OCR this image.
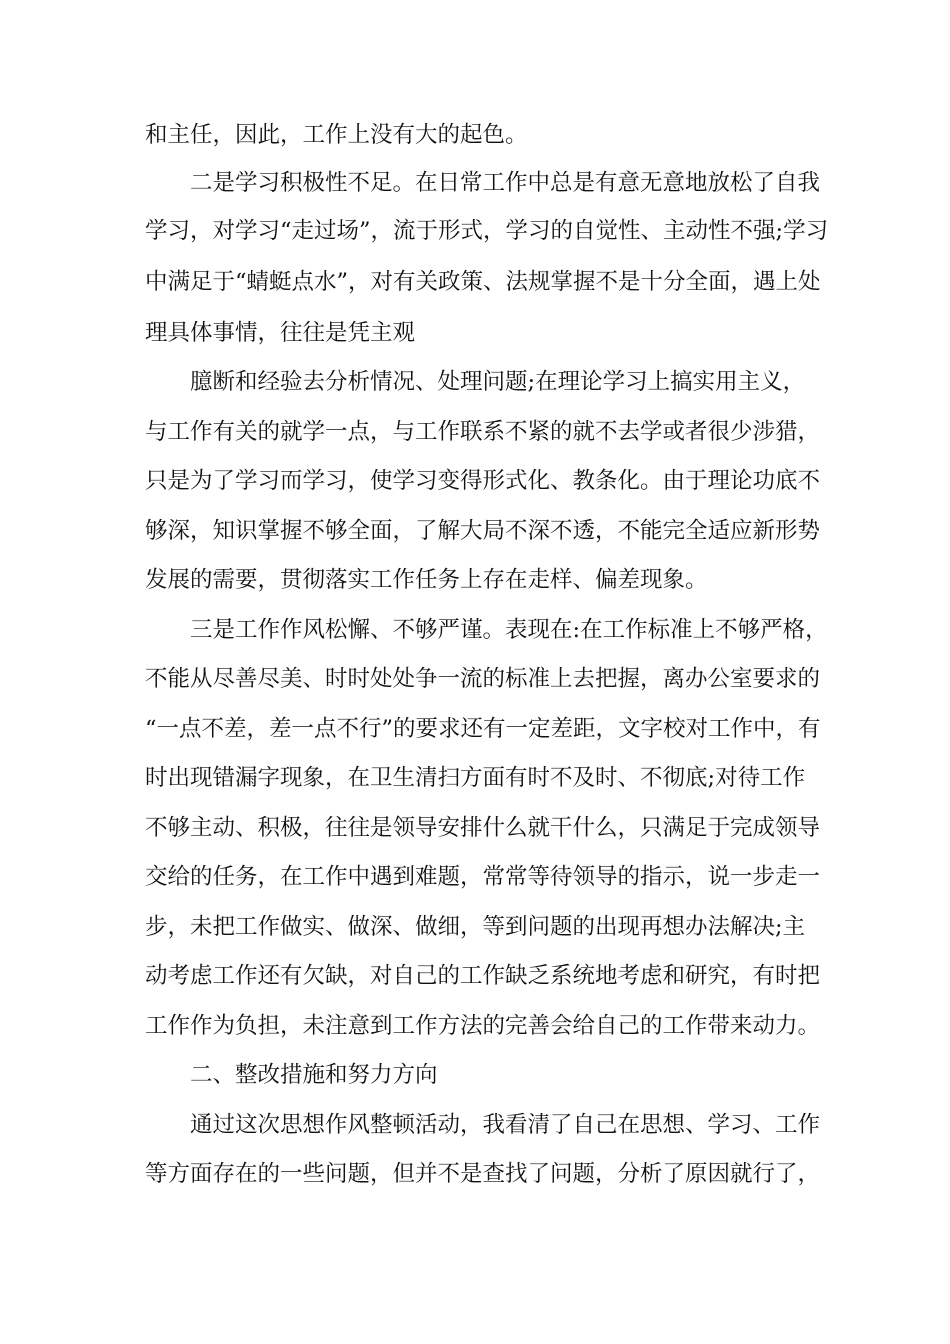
和主任，因此，工作上没有大的起色。
二是学习积极性不足。在日常工作中总是有意无意地放松了自我
学习，对学习“走过场”，流于形式，学习的自觉性、主动性不强;学习
中满足于“蜻蜓点水”，对有关政策、法规掌握不是十分全面，遇上处
理具体事情，往往是凭主观
臆断和经验去分析情况、处理问题;在理论学习上搞实用主义，
与工作有关的就学一点，与工作联系不紧的就不去学或者很少涉猎，
只是为了学习而学习，使学习变得形式化、教条化。由于理论功底不
够深，知识掌握不够全面，了解大局不深不透，不能完全适应新形势
发展的需要，贯彻落实工作任务上存在走样、偏差现象。
三是工作作风松懈、不够严谨。表现在:在工作标准上不够严格，
不能从尽善尽美、时时处处争一流的标准上去把握，离办公室要求的
“一点不差，差一点不行”的要求还有一定差距，文字校对工作中，有
时出现错漏字现象，在卫生清扫方面有时不及时、不彻底;对待工作
不够主动、积极，往往是领导安排什么就干什么，只满足于完成领导
交给的任务，在工作中遇到难题，常常等待领导的指示，说一步走一
步，未把工作做实、做深、做细，等到问题的出现再想办法解决;主
动考虑工作还有欠缺，对自己的工作缺乏系统地考虑和研究，有时把
工作作为负担，未注意到工作方法的完善会给自己的工作带来动力。
二、整改措施和努力方向
通过这次思想作风整顿活动，我看清了自己在思想、学习、工作
等方面存在的一些问题，但并不是查找了问题，分析了原因就行了，
